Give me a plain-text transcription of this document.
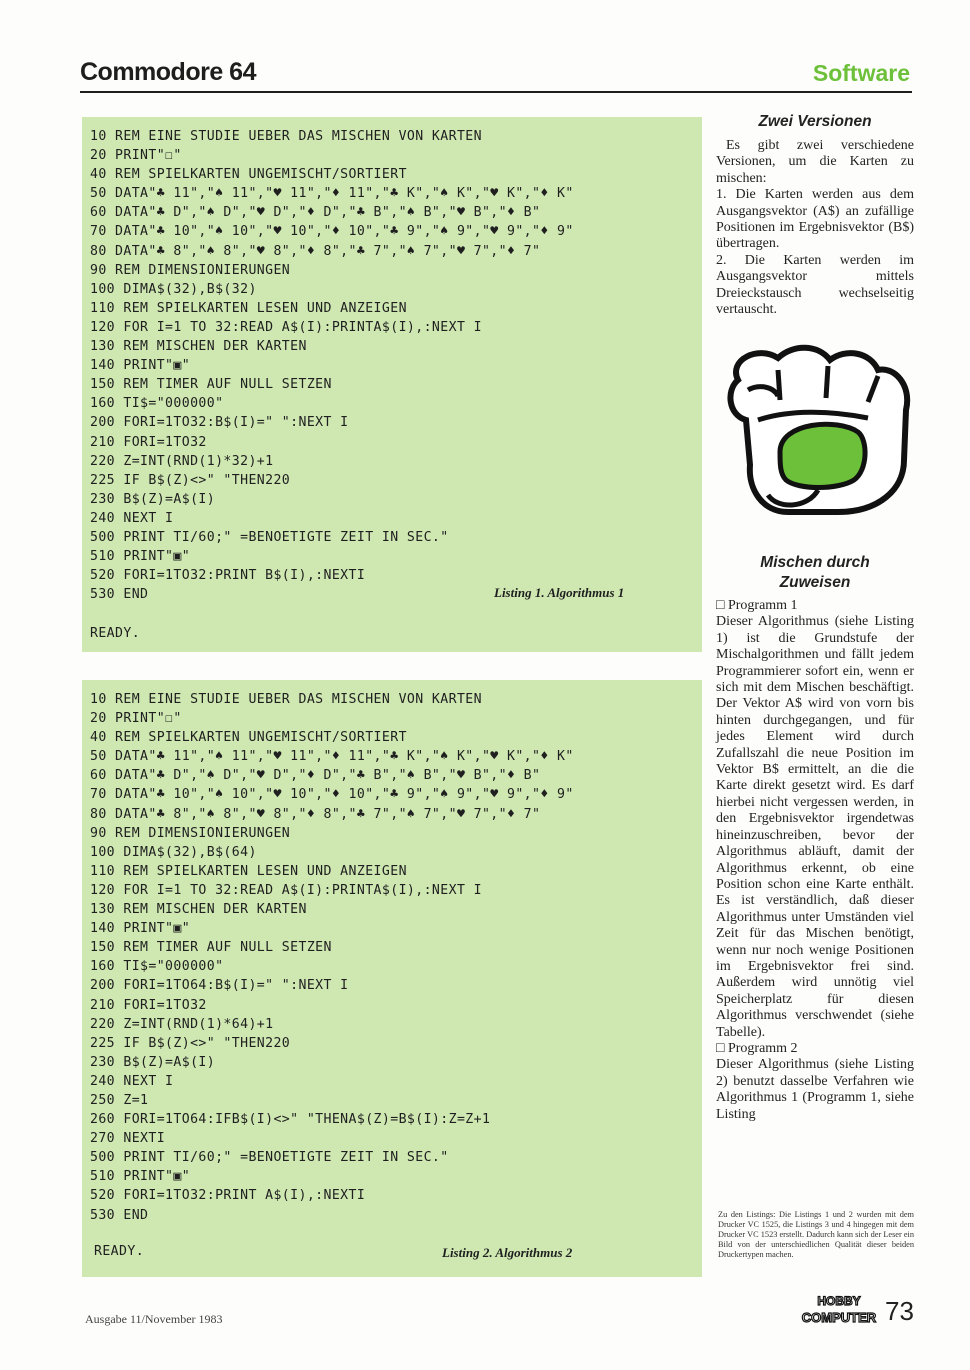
Commodore 64	Software
10 REM EINE STUDIE UEBER DAS MISCHEN VON KARTEN
20 PRINT"☐"
40 REM SPIELKARTEN UNGEMISCHT/SORTIERT
50 DATA"♣ 11","♠ 11","♥ 11","♦ 11","♣ K","♠ K","♥ K","♦ K"
60 DATA"♣ D","♠ D","♥ D","♦ D","♣ B","♠ B","♥ B","♦ B"
70 DATA"♣ 10","♠ 10","♥ 10","♦ 10","♣ 9","♠ 9","♥ 9","♦ 9"
80 DATA"♣ 8","♠ 8","♥ 8","♦ 8","♣ 7","♠ 7","♥ 7","♦ 7"
90 REM DIMENSIONIERUNGEN
100 DIMA$(32),B$(32)
110 REM SPIELKARTEN LESEN UND ANZEIGEN
120 FOR I=1 TO 32:READ A$(I):PRINTA$(I),:NEXT I
130 REM MISCHEN DER KARTEN
140 PRINT"▣"
150 REM TIMER AUF NULL SETZEN
160 TI$="000000"
200 FORI=1TO32:B$(I)=" ":NEXT I
210 FORI=1TO32
220 Z=INT(RND(1)*32)+1
225 IF B$(Z)<>" "THEN220
230 B$(Z)=A$(I)
240 NEXT I
500 PRINT TI/60;" =BENOETIGTE ZEIT IN SEC."
510 PRINT"▣"
520 FORI=1TO32:PRINT B$(I),:NEXTI
530 END	Listing 1. Algorithmus 1
READY.
10 REM EINE STUDIE UEBER DAS MISCHEN VON KARTEN
20 PRINT"☐"
40 REM SPIELKARTEN UNGEMISCHT/SORTIERT
50 DATA"♣ 11","♠ 11","♥ 11","♦ 11","♣ K","♠ K","♥ K","♦ K"
60 DATA"♣ D","♠ D","♥ D","♦ D","♣ B","♠ B","♥ B","♦ B"
70 DATA"♣ 10","♠ 10","♥ 10","♦ 10","♣ 9","♠ 9","♥ 9","♦ 9"
80 DATA"♣ 8","♠ 8","♥ 8","♦ 8","♣ 7","♠ 7","♥ 7","♦ 7"
90 REM DIMENSIONIERUNGEN
100 DIMA$(32),B$(64)
110 REM SPIELKARTEN LESEN UND ANZEIGEN
120 FOR I=1 TO 32:READ A$(I):PRINTA$(I),:NEXT I
130 REM MISCHEN DER KARTEN
140 PRINT"▣"
150 REM TIMER AUF NULL SETZEN
160 TI$="000000"
200 FORI=1TO64:B$(I)=" ":NEXT I
210 FORI=1TO32
220 Z=INT(RND(1)*64)+1
225 IF B$(Z)<>" "THEN220
230 B$(Z)=A$(I)
240 NEXT I
250 Z=1
260 FORI=1TO64:IFB$(I)<>" "THENA$(Z)=B$(I):Z=Z+1
270 NEXTI
500 PRINT TI/60;" =BENOETIGTE ZEIT IN SEC."
510 PRINT"▣"
520 FORI=1TO32:PRINT A$(I),:NEXTI
530 END
READY.	Listing 2. Algorithmus 2
Zwei Versionen

Es gibt zwei verschiedene Versionen, um die Karten zu mischen:

1. Die Karten werden aus dem Ausgangsvektor (A$) an zufällige Positionen im Ergebnisvektor (B$) übertragen.

2. Die Karten werden im Ausgangsvektor mittels Dreieckstausch wechselseitig vertauscht.

Mischen durch
Zuweisen
□ Programm 1

Dieser Algorithmus (siehe Listing 1) ist die Grundstufe der Mischalgorithmen und fällt jedem Programmierer sofort ein, wenn er sich mit dem Mischen beschäftigt. Der Vektor A$ wird von vorn bis hinten durchgegangen, und für jedes Element wird durch Zufallszahl die neue Position im Vektor B$ ermittelt, an die die Karte direkt gesetzt wird. Es darf hierbei nicht vergessen werden, in den Ergebnisvektor irgendetwas hineinzuschreiben, bevor der Algorithmus abläuft, damit der Algorithmus erkennt, ob eine Position schon eine Karte enthält. Es ist verständlich, daß dieser Algorithmus unter Umständen viel Zeit für das Mischen benötigt, wenn nur noch wenige Positionen im Ergebnisvektor frei sind. Außerdem wird unnötig viel Speicherplatz für diesen Algorithmus verschwendet (siehe Tabelle).

□ Programm 2

Dieser Algorithmus (siehe Listing 2) benutzt dasselbe Verfahren wie Algorithmus 1 (Programm 1, siehe Listing

Zu den Listings: Die Listings 1 und 2 wurden mit dem Drucker VC 1525, die Listings 3 und 4 hingegen mit dem Drucker VC 1523 erstellt. Dadurch kann sich der Leser ein Bild von der unterschiedlichen Qualität dieser beiden Druckertypen machen.
Ausgabe 11/November 1983
HOBBY
COMPUTER 73
